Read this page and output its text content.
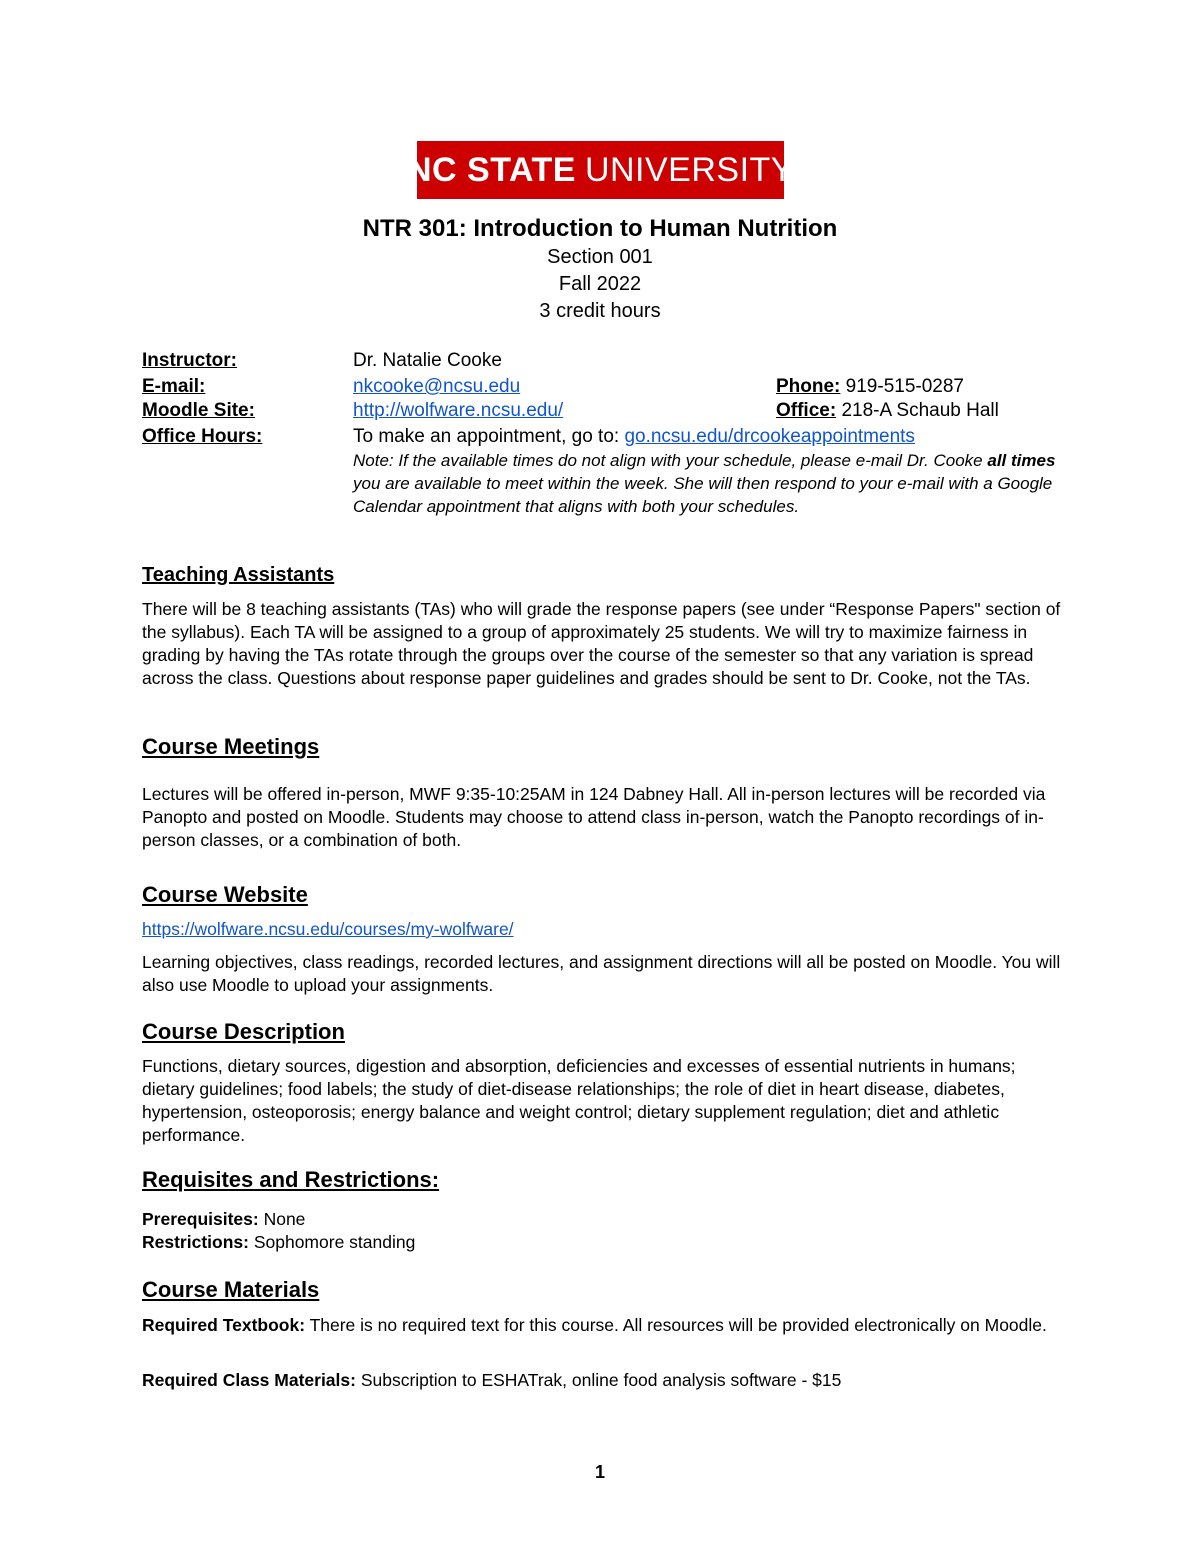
NC STATE UNIVERSITY
NTR 301: Introduction to Human Nutrition
Section 001
Fall 2022
3 credit hours
Instructor:	Dr. Natalie Cooke
E-mail:	nkcooke@ncsu.edu	Phone: 919-515-0287
Moodle Site:	http://wolfware.ncsu.edu/	Office: 218-A Schaub Hall
Office Hours:	To make an appointment, go to: go.ncsu.edu/drcookeappointments
Note: If the available times do not align with your schedule, please e-mail Dr. Cooke all times you are available to meet within the week. She will then respond to your e-mail with a Google Calendar appointment that aligns with both your schedules.
Teaching Assistants
There will be 8 teaching assistants (TAs) who will grade the response papers (see under “Response Papers" section of the syllabus). Each TA will be assigned to a group of approximately 25 students. We will try to maximize fairness in grading by having the TAs rotate through the groups over the course of the semester so that any variation is spread across the class. Questions about response paper guidelines and grades should be sent to Dr. Cooke, not the TAs.
Course Meetings
Lectures will be offered in-person, MWF 9:35-10:25AM in 124 Dabney Hall. All in-person lectures will be recorded via Panopto and posted on Moodle. Students may choose to attend class in-person, watch the Panopto recordings of in-person classes, or a combination of both.
Course Website
https://wolfware.ncsu.edu/courses/my-wolfware/
Learning objectives, class readings, recorded lectures, and assignment directions will all be posted on Moodle. You will also use Moodle to upload your assignments.
Course Description
Functions, dietary sources, digestion and absorption, deficiencies and excesses of essential nutrients in humans; dietary guidelines; food labels; the study of diet-disease relationships; the role of diet in heart disease, diabetes, hypertension, osteoporosis; energy balance and weight control; dietary supplement regulation; diet and athletic performance.
Requisites and Restrictions:
Prerequisites: None
Restrictions: Sophomore standing
Course Materials
Required Textbook: There is no required text for this course. All resources will be provided electronically on Moodle.
Required Class Materials: Subscription to ESHATrak, online food analysis software - $15
1
